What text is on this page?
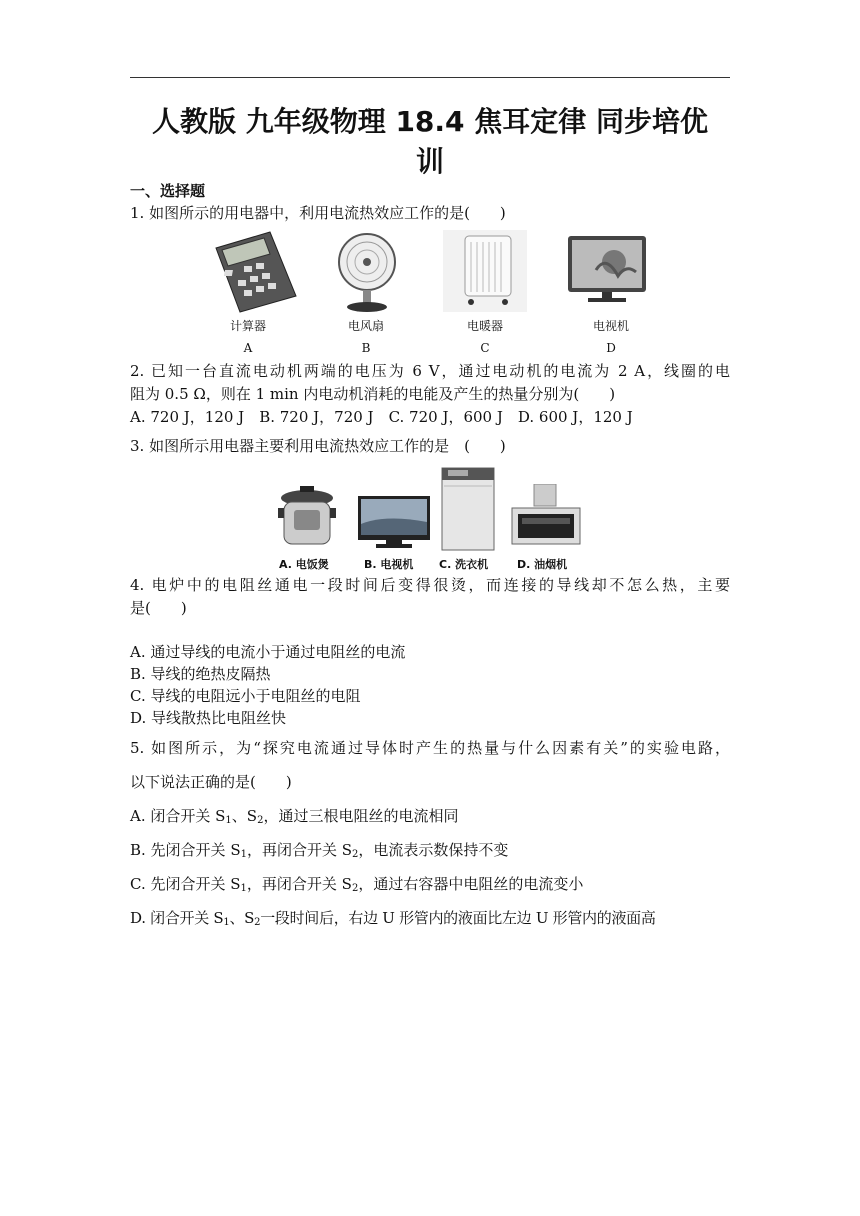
人教版 九年级物理 18.4 焦耳定律 同步培优
训
一、选择题
1. 如图所示的用电器中，利用电流热效应工作的是(　　)
计算器	电风扇	电暖器	电视机
A	B	C	D
2. 已知一台直流电动机两端的电压为 6 V，通过电动机的电流为 2 A，线圈的电
阻为 0.5 Ω，则在 1 min 内电动机消耗的电能及产生的热量分别为(　　)
A. 720 J，120 J　B. 720 J，720 J　C. 720 J，600 J　D. 600 J，120 J
3. 如图所示用电器主要利用电流热效应工作的是　(　　)
A. 电饭煲	B. 电视机 C. 洗衣机	D. 油烟机
4. 电炉中的电阻丝通电一段时间后变得很烫，而连接的导线却不怎么热，主要
是(　　)
A. 通过导线的电流小于通过电阻丝的电流
B. 导线的绝热皮隔热
C. 导线的电阻远小于电阻丝的电阻
D. 导线散热比电阻丝快
5. 如图所示，为“探究电流通过导体时产生的热量与什么因素有关”的实验电路，
以下说法正确的是(　　)
A. 闭合开关 $S_1$、$S_2$，通过三根电阻丝的电流相同
B. 先闭合开关 $S_1$，再闭合开关 $S_2$，电流表示数保持不变
C. 先闭合开关 $S_1$，再闭合开关 $S_2$，通过右容器中电阻丝的电流变小
D. 闭合开关 $S_1$、$S_2$一段时间后，右边 U 形管内的液面比左边 U 形管内的液面高
